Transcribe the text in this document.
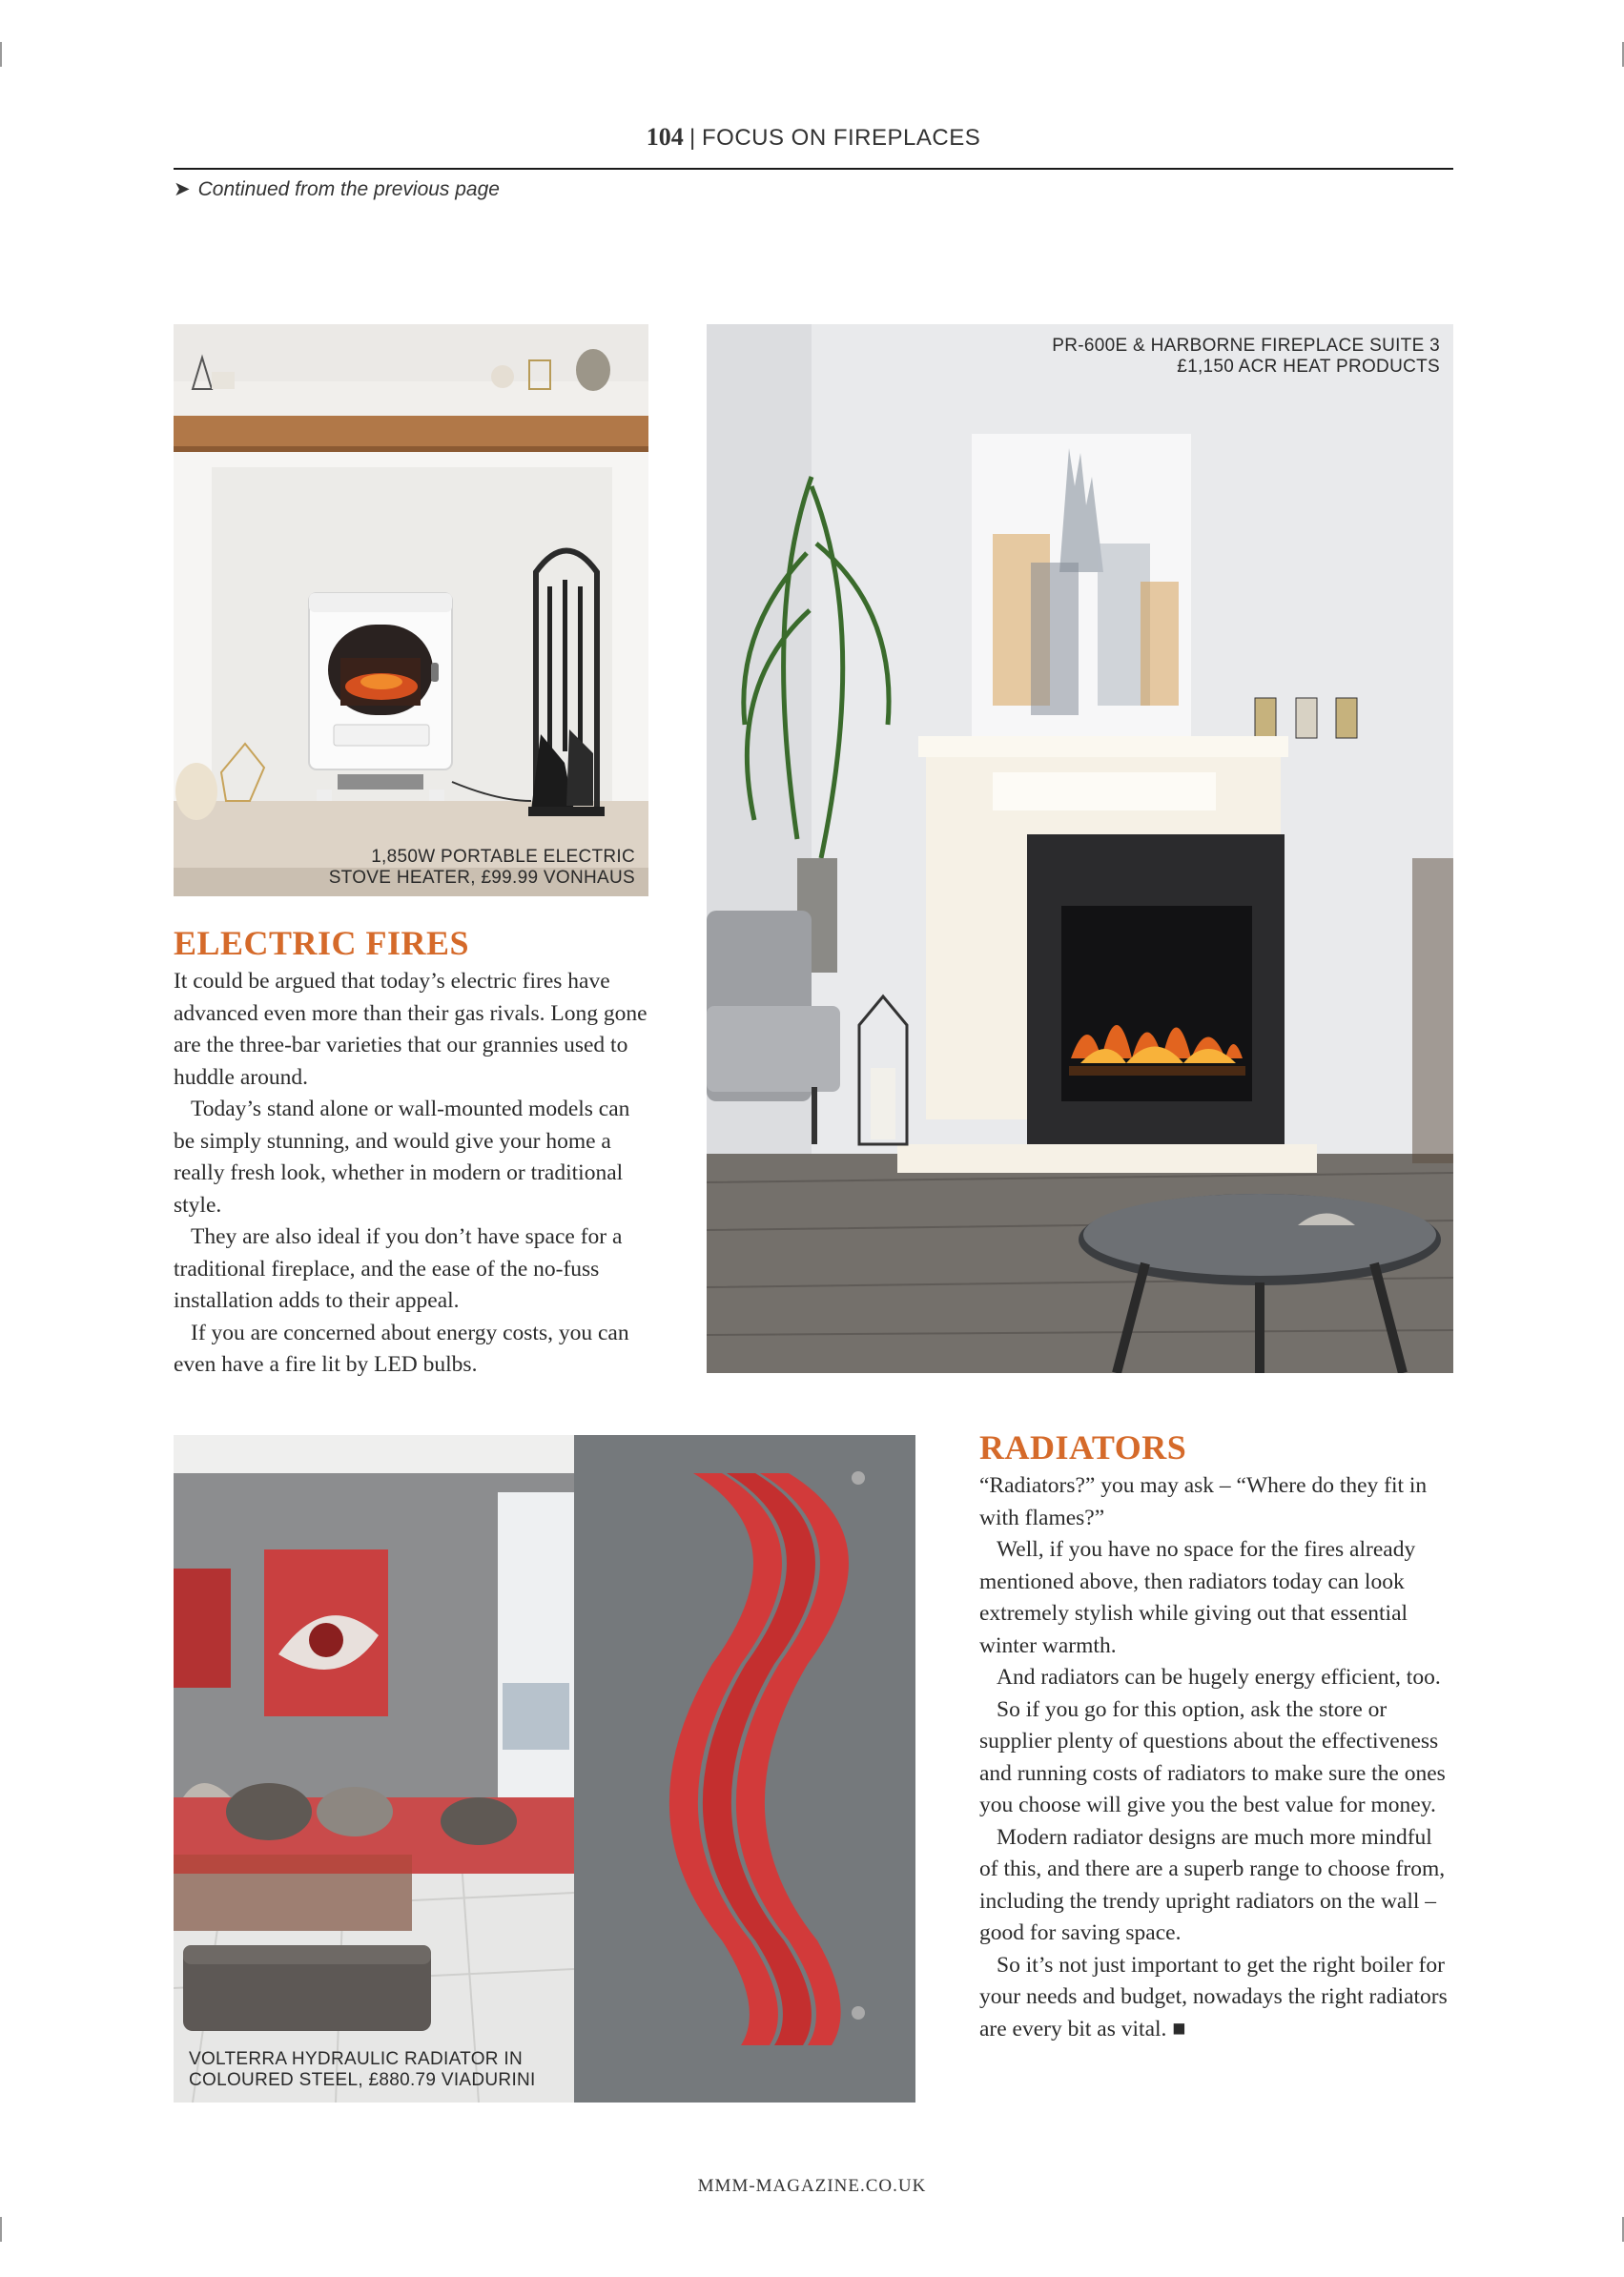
104 | FOCUS ON FIREPLACES
➤ Continued from the previous page
1,850W PORTABLE ELECTRIC
STOVE HEATER, £99.99 VONHAUS
PR-600E & HARBORNE FIREPLACE SUITE 3
£1,150 ACR HEAT PRODUCTS
ELECTRIC FIRES

It could be argued that today’s electric fires have advanced even more than their gas rivals. Long gone are the three-bar varieties that our grannies used to huddle around.

Today’s stand alone or wall-mounted models can be simply stunning, and would give your home a really fresh look, whether in modern or traditional style.

They are also ideal if you don’t have space for a traditional fireplace, and the ease of the no-fuss installation adds to their appeal.

If you are concerned about energy costs, you can even have a fire lit by LED bulbs.

VOLTERRA HYDRAULIC RADIATOR IN
COLOURED STEEL, £880.79 VIADURINI
RADIATORS

“Radiators?” you may ask – “Where do they fit in with flames?”

Well, if you have no space for the fires already mentioned above, then radiators today can look extremely stylish while giving out that essential winter warmth.

And radiators can be hugely energy efficient, too.

So if you go for this option, ask the store or supplier plenty of questions about the effectiveness and running costs of radiators to make sure the ones you choose will give you the best value for money.

Modern radiator designs are much more mindful of this, and there are a superb range to choose from, including the trendy upright radiators on the wall – good for saving space.

So it’s not just important to get the right boiler for your needs and budget, nowadays the right radiators are every bit as vital. ■

MMM-MAGAZINE.CO.UK
